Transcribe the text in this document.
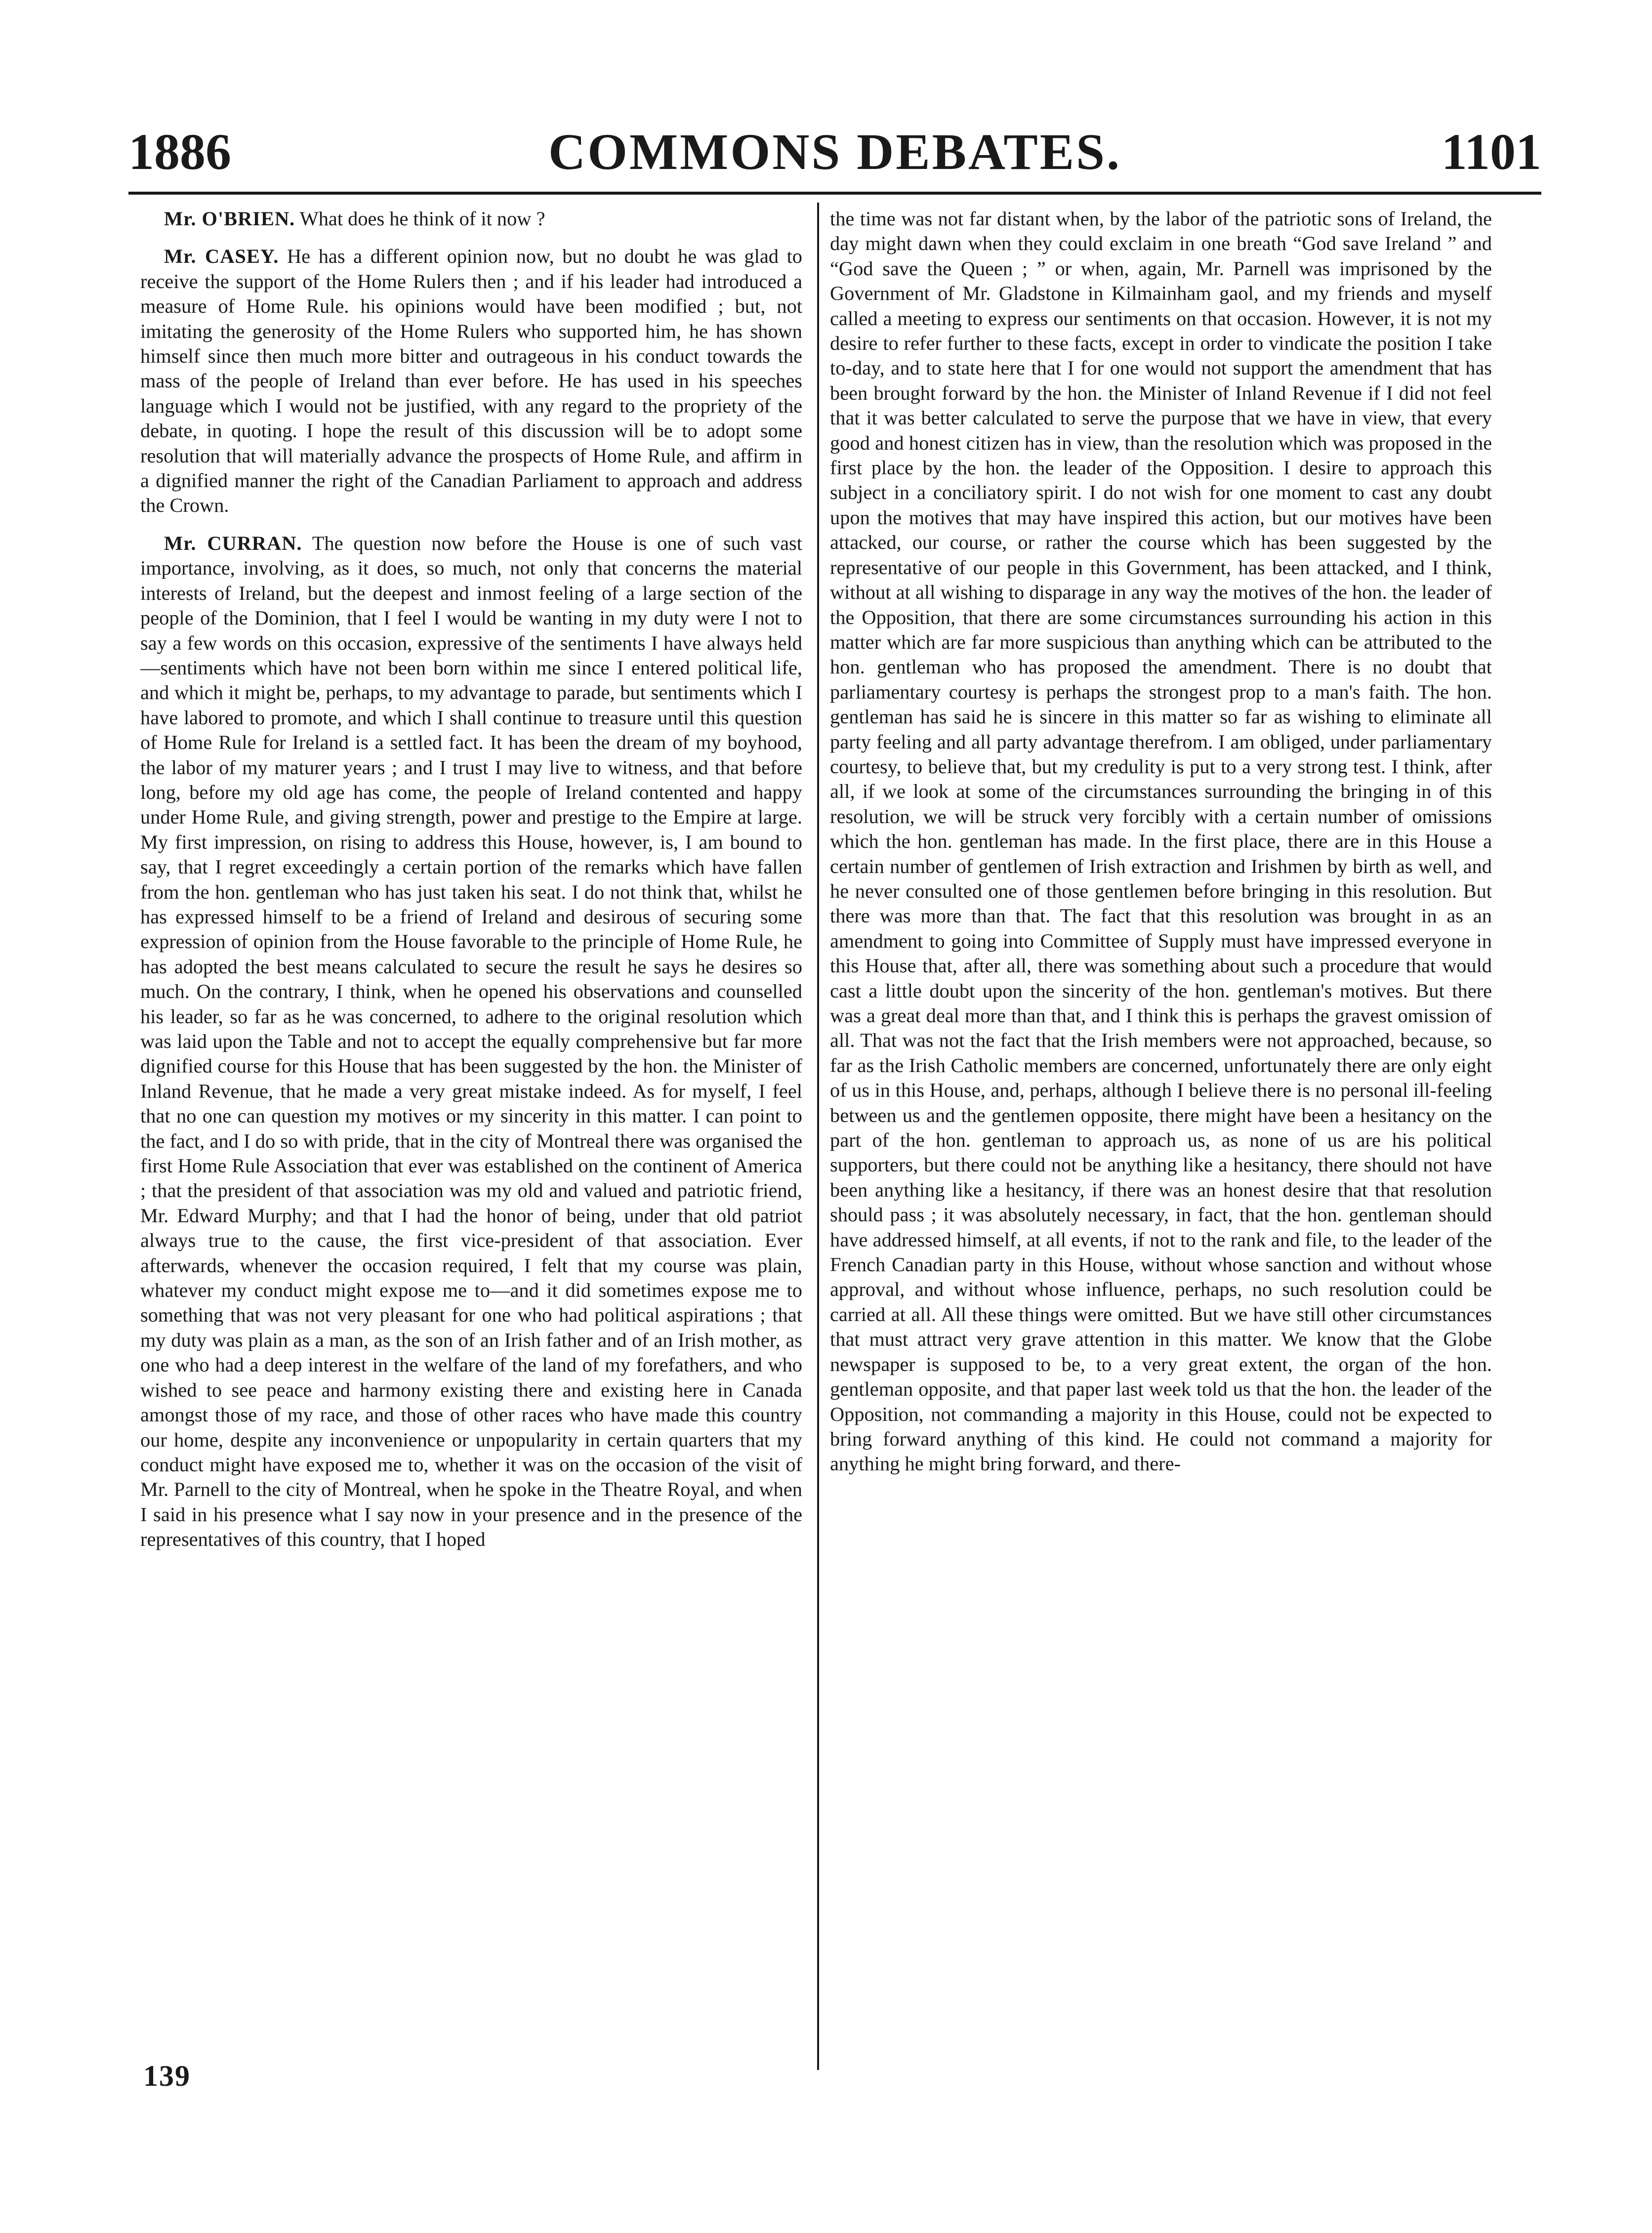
1886	COMMONS DEBATES.	1101

Mr. O'BRIEN. What does he think of it now ?

Mr. CASEY. He has a different opinion now, but no doubt he was glad to receive the support of the Home Rulers then ; and if his leader had introduced a measure of Home Rule. his opinions would have been modified ; but, not imitating the generosity of the Home Rulers who supported him, he has shown himself since then much more bitter and outrageous in his conduct towards the mass of the people of Ireland than ever before. He has used in his speeches language which I would not be justified, with any regard to the propriety of the debate, in quoting. I hope the result of this discussion will be to adopt some resolution that will materially advance the prospects of Home Rule, and affirm in a dignified manner the right of the Canadian Parliament to approach and address the Crown.

Mr. CURRAN. The question now before the House is one of such vast importance, involving, as it does, so much, not only that concerns the material interests of Ireland, but the deepest and inmost feeling of a large section of the people of the Dominion, that I feel I would be wanting in my duty were I not to say a few words on this occasion, expressive of the sentiments I have always held—sentiments which have not been born within me since I entered political life, and which it might be, perhaps, to my advantage to parade, but sentiments which I have labored to promote, and which I shall continue to treasure until this question of Home Rule for Ireland is a settled fact. It has been the dream of my boyhood, the labor of my maturer years ; and I trust I may live to witness, and that before long, before my old age has come, the people of Ireland contented and happy under Home Rule, and giving strength, power and prestige to the Empire at large. My first impression, on rising to address this House, however, is, I am bound to say, that I regret exceedingly a certain portion of the remarks which have fallen from the hon. gentleman who has just taken his seat. I do not think that, whilst he has expressed himself to be a friend of Ireland and desirous of securing some expression of opinion from the House favorable to the principle of Home Rule, he has adopted the best means calculated to secure the result he says he desires so much. On the contrary, I think, when he opened his observations and counselled his leader, so far as he was concerned, to adhere to the original resolution which was laid upon the Table and not to accept the equally comprehensive but far more dignified course for this House that has been suggested by the hon. the Minister of Inland Revenue, that he made a very great mistake indeed. As for myself, I feel that no one can question my motives or my sincerity in this matter. I can point to the fact, and I do so with pride, that in the city of Montreal there was organised the first Home Rule Association that ever was established on the continent of America ; that the president of that association was my old and valued and patriotic friend, Mr. Edward Murphy; and that I had the honor of being, under that old patriot always true to the cause, the first vice-president of that association. Ever afterwards, whenever the occasion required, I felt that my course was plain, whatever my conduct might expose me to—and it did sometimes expose me to something that was not very pleasant for one who had political aspirations ; that my duty was plain as a man, as the son of an Irish father and of an Irish mother, as one who had a deep interest in the welfare of the land of my forefathers, and who wished to see peace and harmony existing there and existing here in Canada amongst those of my race, and those of other races who have made this country our home, despite any inconvenience or unpopularity in certain quarters that my conduct might have exposed me to, whether it was on the occasion of the visit of Mr. Parnell to the city of Montreal, when he spoke in the Theatre Royal, and when I said in his presence what I say now in your presence and in the presence of the representatives of this country, that I hoped

the time was not far distant when, by the labor of the patriotic sons of Ireland, the day might dawn when they could exclaim in one breath “God save Ireland ” and “God save the Queen ; ” or when, again, Mr. Parnell was imprisoned by the Government of Mr. Gladstone in Kilmainham gaol, and my friends and myself called a meeting to express our sentiments on that occasion. However, it is not my desire to refer further to these facts, except in order to vindicate the position I take to-day, and to state here that I for one would not support the amendment that has been brought forward by the hon. the Minister of Inland Revenue if I did not feel that it was better calculated to serve the purpose that we have in view, that every good and honest citizen has in view, than the resolution which was proposed in the first place by the hon. the leader of the Opposition. I desire to approach this subject in a conciliatory spirit. I do not wish for one moment to cast any doubt upon the motives that may have inspired this action, but our motives have been attacked, our course, or rather the course which has been suggested by the representative of our people in this Government, has been attacked, and I think, without at all wishing to disparage in any way the motives of the hon. the leader of the Opposition, that there are some circumstances surrounding his action in this matter which are far more suspicious than anything which can be attributed to the hon. gentleman who has proposed the amendment. There is no doubt that parliamentary courtesy is perhaps the strongest prop to a man's faith. The hon. gentleman has said he is sincere in this matter so far as wishing to eliminate all party feeling and all party advantage therefrom. I am obliged, under parliamentary courtesy, to believe that, but my credulity is put to a very strong test. I think, after all, if we look at some of the circumstances surrounding the bringing in of this resolution, we will be struck very forcibly with a certain number of omissions which the hon. gentleman has made. In the first place, there are in this House a certain number of gentlemen of Irish extraction and Irishmen by birth as well, and he never consulted one of those gentlemen before bringing in this resolution. But there was more than that. The fact that this resolution was brought in as an amendment to going into Committee of Supply must have impressed everyone in this House that, after all, there was something about such a procedure that would cast a little doubt upon the sincerity of the hon. gentleman's motives. But there was a great deal more than that, and I think this is perhaps the gravest omission of all. That was not the fact that the Irish members were not approached, because, so far as the Irish Catholic members are concerned, unfortunately there are only eight of us in this House, and, perhaps, although I believe there is no personal ill-feeling between us and the gentlemen opposite, there might have been a hesitancy on the part of the hon. gentleman to approach us, as none of us are his political supporters, but there could not be anything like a hesitancy, there should not have been anything like a hesitancy, if there was an honest desire that that resolution should pass ; it was absolutely necessary, in fact, that the hon. gentleman should have addressed himself, at all events, if not to the rank and file, to the leader of the French Canadian party in this House, without whose sanction and without whose approval, and without whose influence, perhaps, no such resolution could be carried at all. All these things were omitted. But we have still other circumstances that must attract very grave attention in this matter. We know that the Globe newspaper is supposed to be, to a very great extent, the organ of the hon. gentleman opposite, and that paper last week told us that the hon. the leader of the Opposition, not commanding a majority in this House, could not be expected to bring forward anything of this kind. He could not command a majority for anything he might bring forward, and there-

139
